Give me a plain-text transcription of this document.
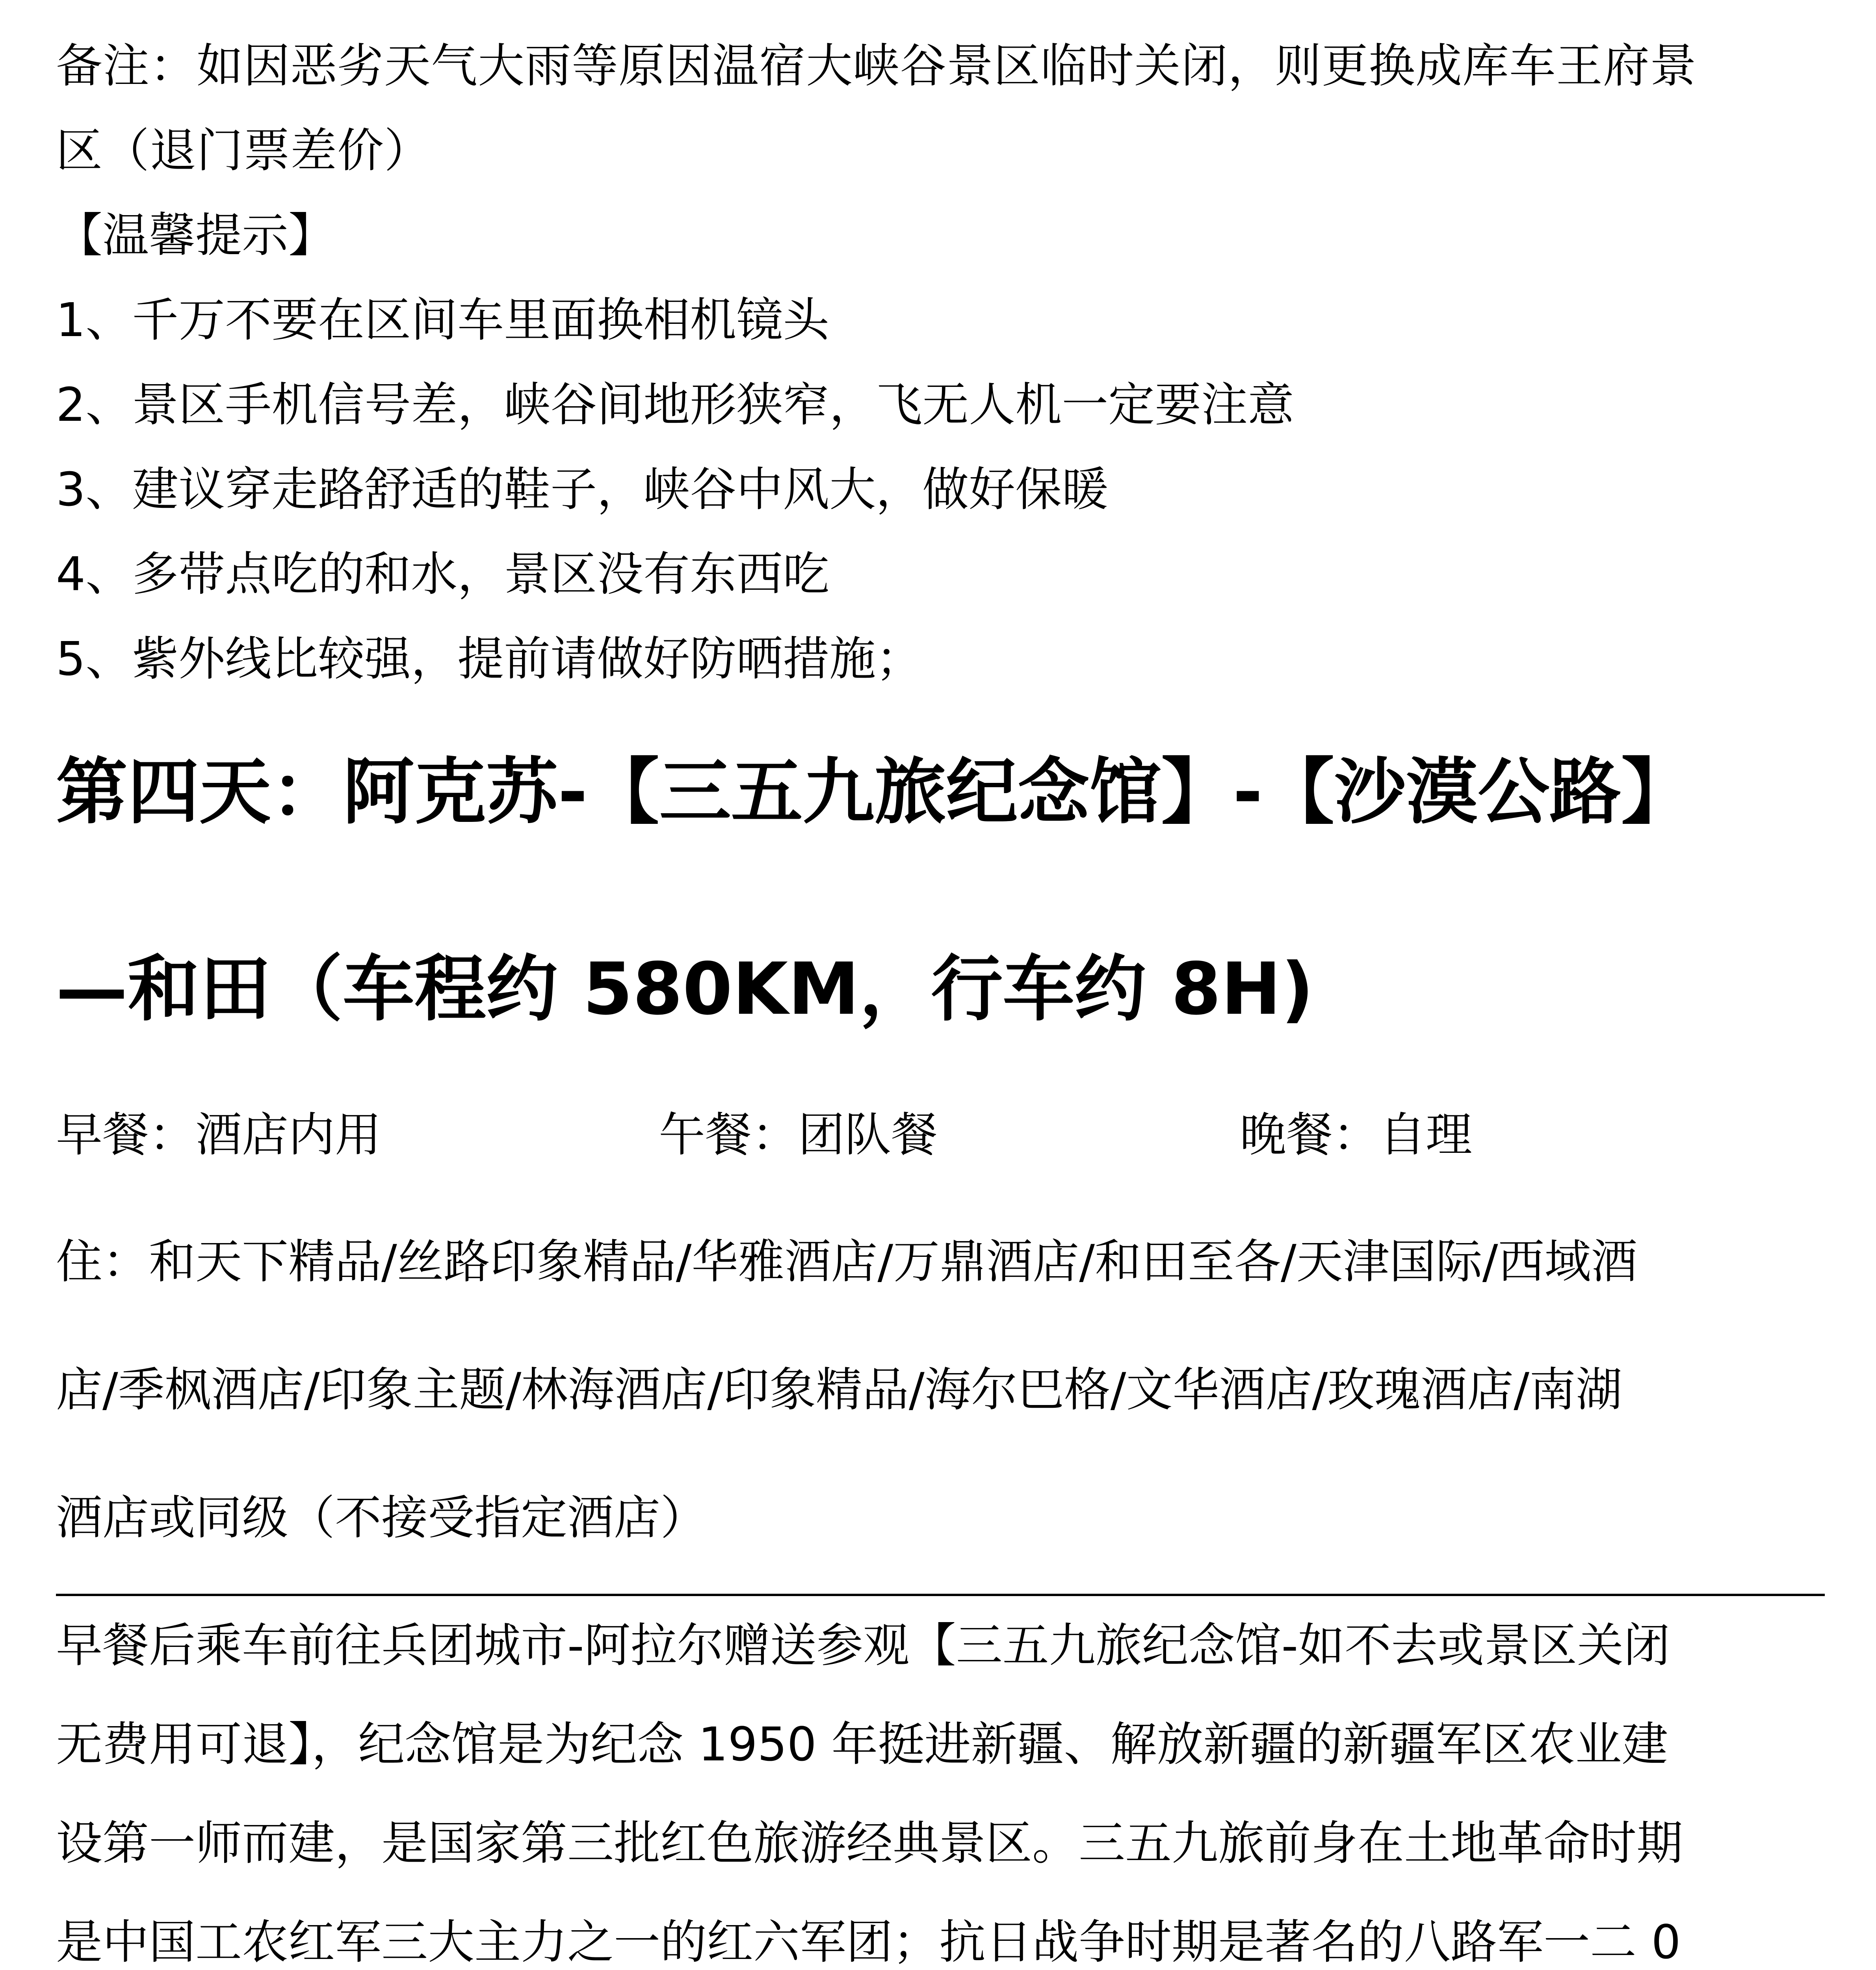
备注：如因恶劣天气大雨等原因温宿大峡谷景区临时关闭，则更换成库车王府景
区（退门票差价）

【温馨提示】

1、千万不要在区间车里面换相机镜头
2、景区手机信号差，峡谷间地形狭窄，飞无人机一定要注意
3、建议穿走路舒适的鞋子，峡谷中风大，做好保暖
4、多带点吃的和水，景区没有东西吃
5、紫外线比较强，提前请做好防晒措施；
第四天：阿克苏-【三五九旅纪念馆】-【沙漠公路】
—和田（车程约 580KM，行车约 8H)
早餐：酒店内用	午餐：团队餐	晚餐：自理

住：和天下精品/丝路印象精品/华雅酒店/万鼎酒店/和田至各/天津国际/西域酒
店/季枫酒店/印象主题/林海酒店/印象精品/海尔巴格/文华酒店/玫瑰酒店/南湖
酒店或同级（不接受指定酒店）

早餐后乘车前往兵团城市-阿拉尔赠送参观【三五九旅纪念馆-如不去或景区关闭
无费用可退】，纪念馆是为纪念 1950 年挺进新疆、解放新疆的新疆军区农业建
设第一师而建，是国家第三批红色旅游经典景区。三五九旅前身在土地革命时期
是中国工农红军三大主力之一的红六军团；抗日战争时期是著名的八路军一二 0
